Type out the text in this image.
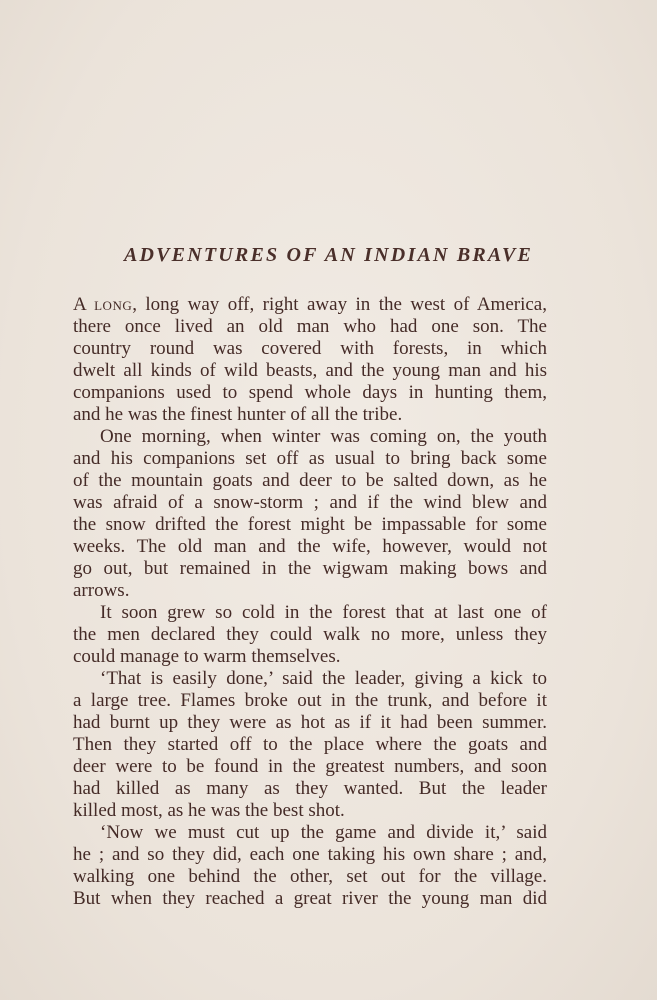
ADVENTURES OF AN INDIAN BRAVE

A long, long way off, right away in the west of America,

there once lived an old man who had one son. The

country round was covered with forests, in which

dwelt all kinds of wild beasts, and the young man and his

companions used to spend whole days in hunting them,

and he was the finest hunter of all the tribe.

One morning, when winter was coming on, the youth

and his companions set off as usual to bring back some

of the mountain goats and deer to be salted down, as he

was afraid of a snow-storm ; and if the wind blew and

the snow drifted the forest might be impassable for some

weeks. The old man and the wife, however, would not

go out, but remained in the wigwam making bows and

arrows.

It soon grew so cold in the forest that at last one of

the men declared they could walk no more, unless they

could manage to warm themselves.

‘That is easily done,’ said the leader, giving a kick to

a large tree. Flames broke out in the trunk, and before it

had burnt up they were as hot as if it had been summer.

Then they started off to the place where the goats and

deer were to be found in the greatest numbers, and soon

had killed as many as they wanted. But the leader

killed most, as he was the best shot.

‘Now we must cut up the game and divide it,’ said

he ; and so they did, each one taking his own share ; and,

walking one behind the other, set out for the village.

But when they reached a great river the young man did
